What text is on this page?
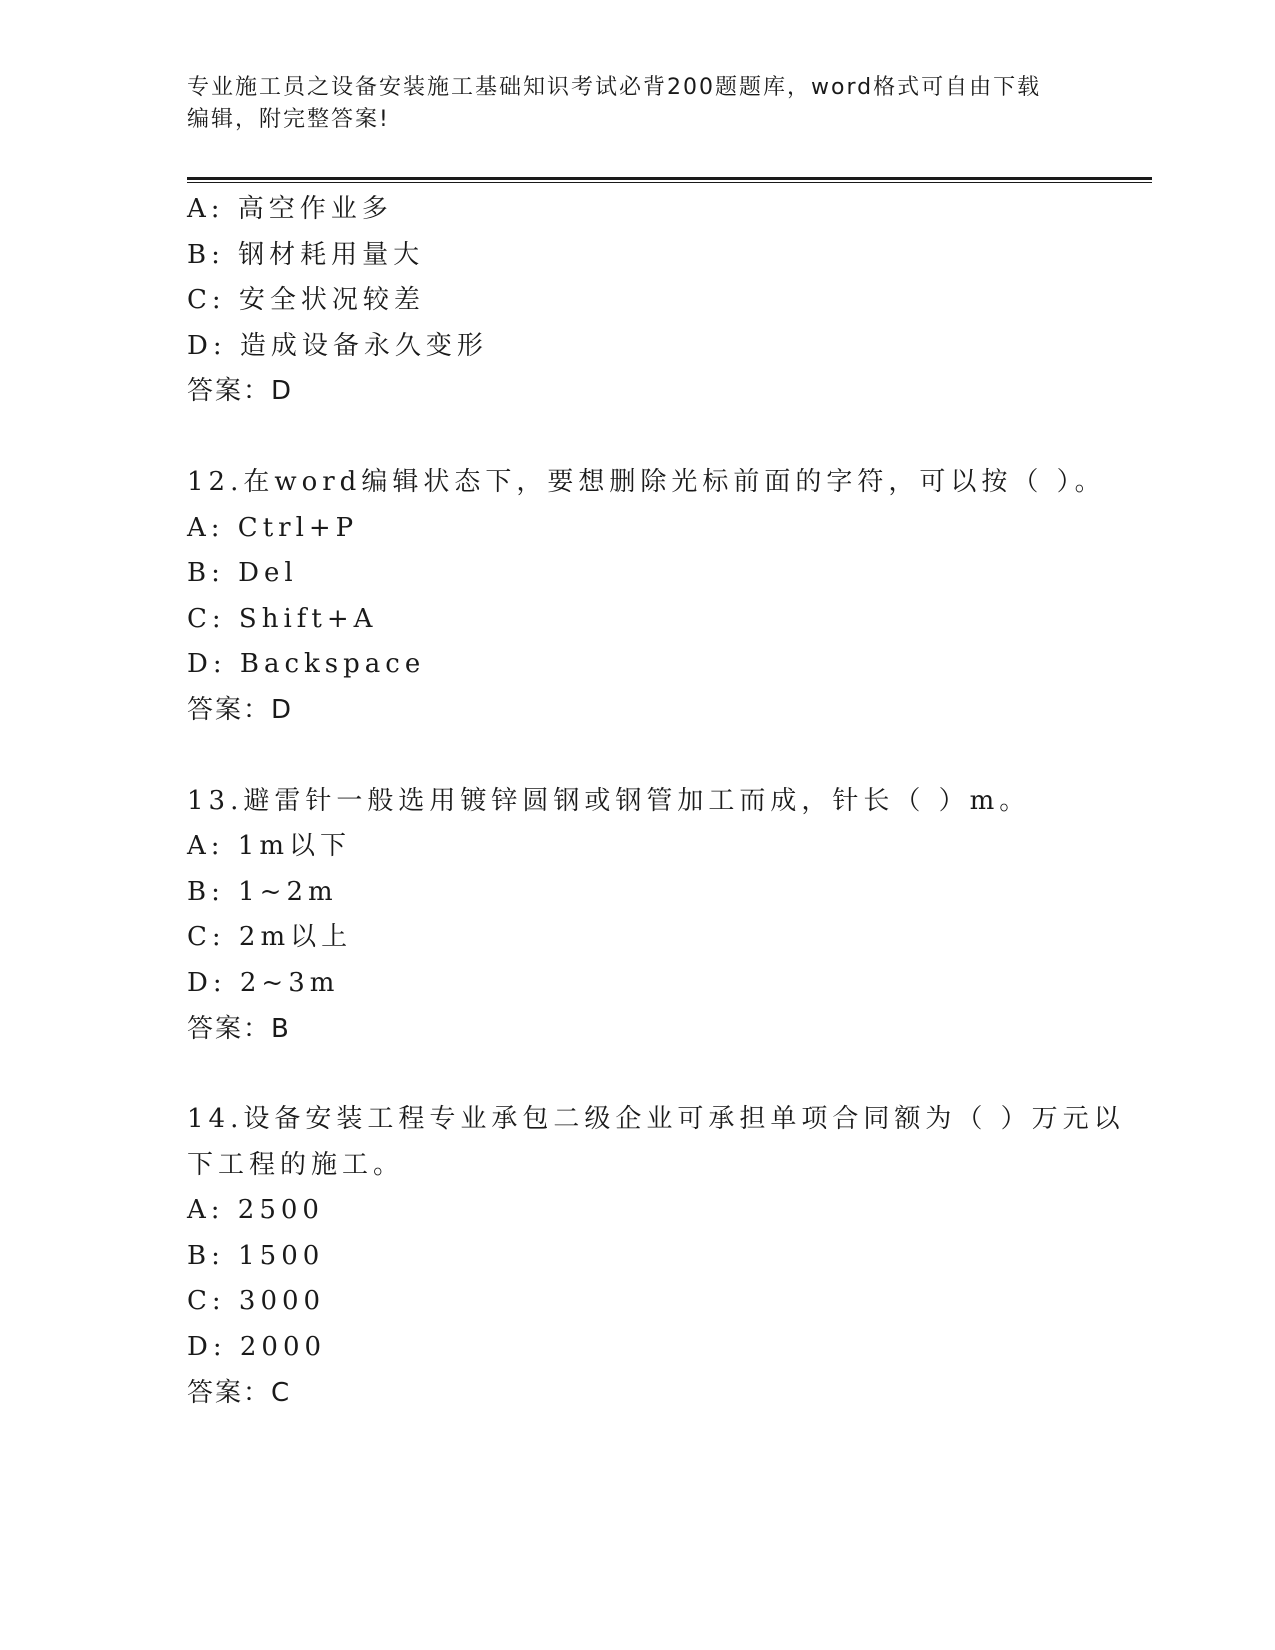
专业施工员之设备安装施工基础知识考试必背200题题库，word格式可自由下载
编辑，附完整答案!
A: 高空作业多
B: 钢材耗用量大
C: 安全状况较差
D: 造成设备永久变形
答案：D
12.在word编辑状态下，要想删除光标前面的字符，可以按（ ）。
A: Ctrl+P
B: Del
C: Shift+A
D: Backspace
答案：D
13.避雷针一般选用镀锌圆钢或钢管加工而成，针长（ ）m。
A: 1m以下
B: 1~2m
C: 2m以上
D: 2~3m
答案：B
14.设备安装工程专业承包二级企业可承担单项合同额为（ ）万元以
下工程的施工。
A: 2500
B: 1500
C: 3000
D: 2000
答案：C
